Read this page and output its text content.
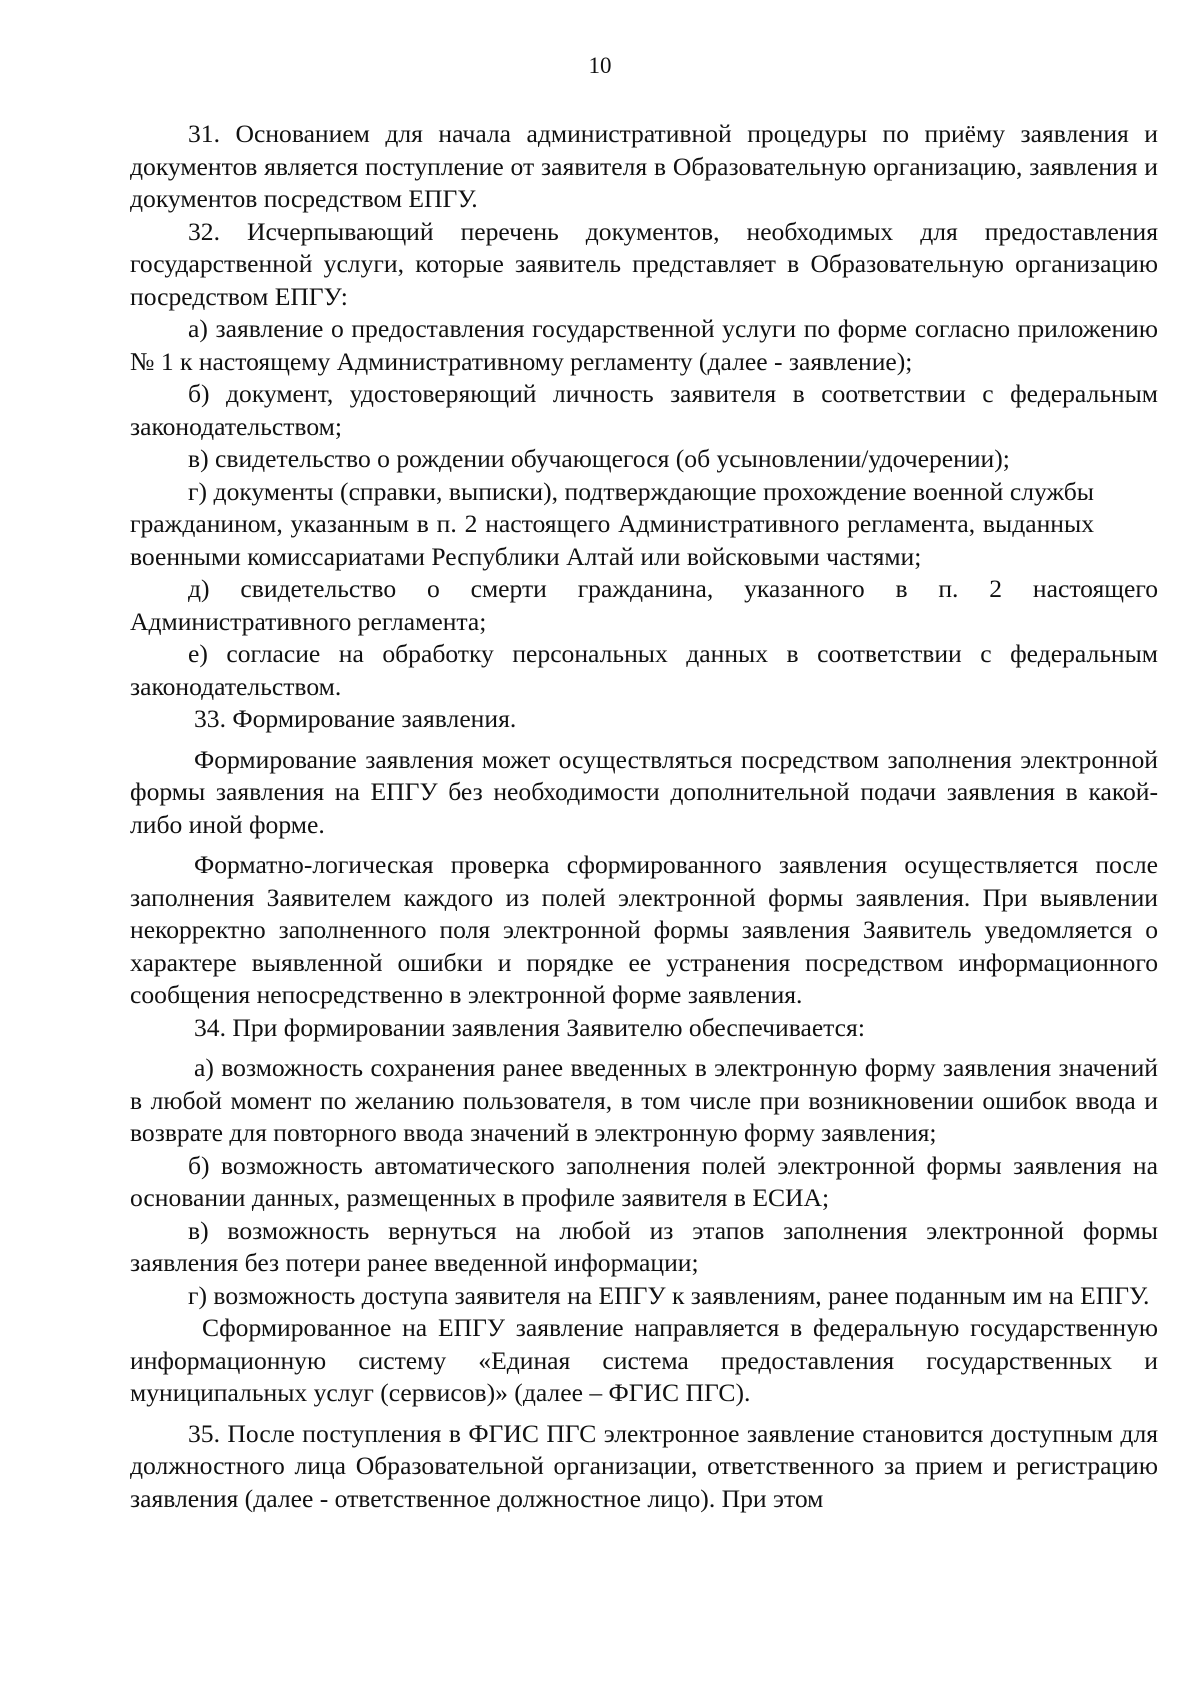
10

31. Основанием для начала административной процедуры по приёму заявления и документов является поступление от заявителя в Образовательную организацию, заявления и документов посредством ЕПГУ.

32. Исчерпывающий перечень документов, необходимых для предоставления государственной услуги, которые заявитель представляет в Образовательную организацию посредством ЕПГУ:

а) заявление о предоставления государственной услуги по форме согласно приложению № 1 к настоящему Административному регламенту (далее - заявление);

б) документ, удостоверяющий личность заявителя в соответствии с федеральным законодательством;

в) свидетельство о рождении обучающегося (об усыновлении/удочерении);

г) документы (справки, выписки), подтверждающие прохождение военной службы гражданином, указанным в п. 2 настоящего Административного регламента, выданных военными комиссариатами Республики Алтай или войсковыми частями;

д) свидетельство о смерти гражданина, указанного в п. 2 настоящего Административного регламента;

е) согласие на обработку персональных данных в соответствии с федеральным законодательством.

33. Формирование заявления.

Формирование заявления может осуществляться посредством заполнения электронной формы заявления на ЕПГУ без необходимости дополнительной подачи заявления в какой-либо иной форме.

Форматно-логическая проверка сформированного заявления осуществляется после заполнения Заявителем каждого из полей электронной формы заявления. При выявлении некорректно заполненного поля электронной формы заявления Заявитель уведомляется о характере выявленной ошибки и порядке ее устранения посредством информационного сообщения непосредственно в электронной форме заявления.

34. При формировании заявления Заявителю обеспечивается:

а) возможность сохранения ранее введенных в электронную форму заявления значений в любой момент по желанию пользователя, в том числе при возникновении ошибок ввода и возврате для повторного ввода значений в электронную форму заявления;

б) возможность автоматического заполнения полей электронной формы заявления на основании данных, размещенных в профиле заявителя в ЕСИА;

в) возможность вернуться на любой из этапов заполнения электронной формы заявления без потери ранее введенной информации;

г) возможность доступа заявителя на ЕПГУ к заявлениям, ранее поданным им на ЕПГУ.

Сформированное на ЕПГУ заявление направляется в федеральную государственную информационную систему «Единая система предоставления государственных и муниципальных услуг (сервисов)» (далее – ФГИС ПГС).

35. После поступления в ФГИС ПГС электронное заявление становится доступным для должностного лица Образовательной организации, ответственного за прием и регистрацию заявления (далее - ответственное должностное лицо). При этом
